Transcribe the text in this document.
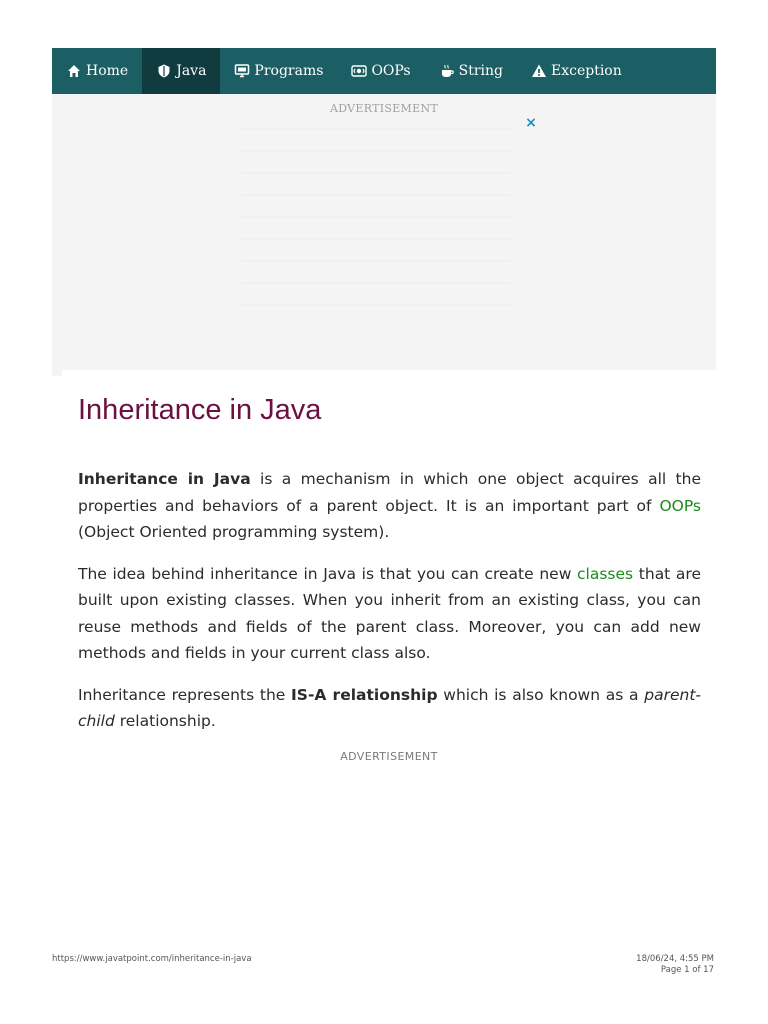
Home	Java	Programs	OOPs	String	Exception
ADVERTISEMENT
×
Inheritance in Java

Inheritance in Java is a mechanism in which one object acquires all the properties and behaviors of a parent object. It is an important part of OOPs (Object Oriented programming system).

The idea behind inheritance in Java is that you can create new classes that are built upon existing classes. When you inherit from an existing class, you can reuse methods and fields of the parent class. Moreover, you can add new methods and fields in your current class also.

Inheritance represents the IS-A relationship which is also known as a parent-child relationship.

ADVERTISEMENT
https://www.javatpoint.com/inheritance-in-java	18/06/24, 4:55 PM
Page 1 of 17
